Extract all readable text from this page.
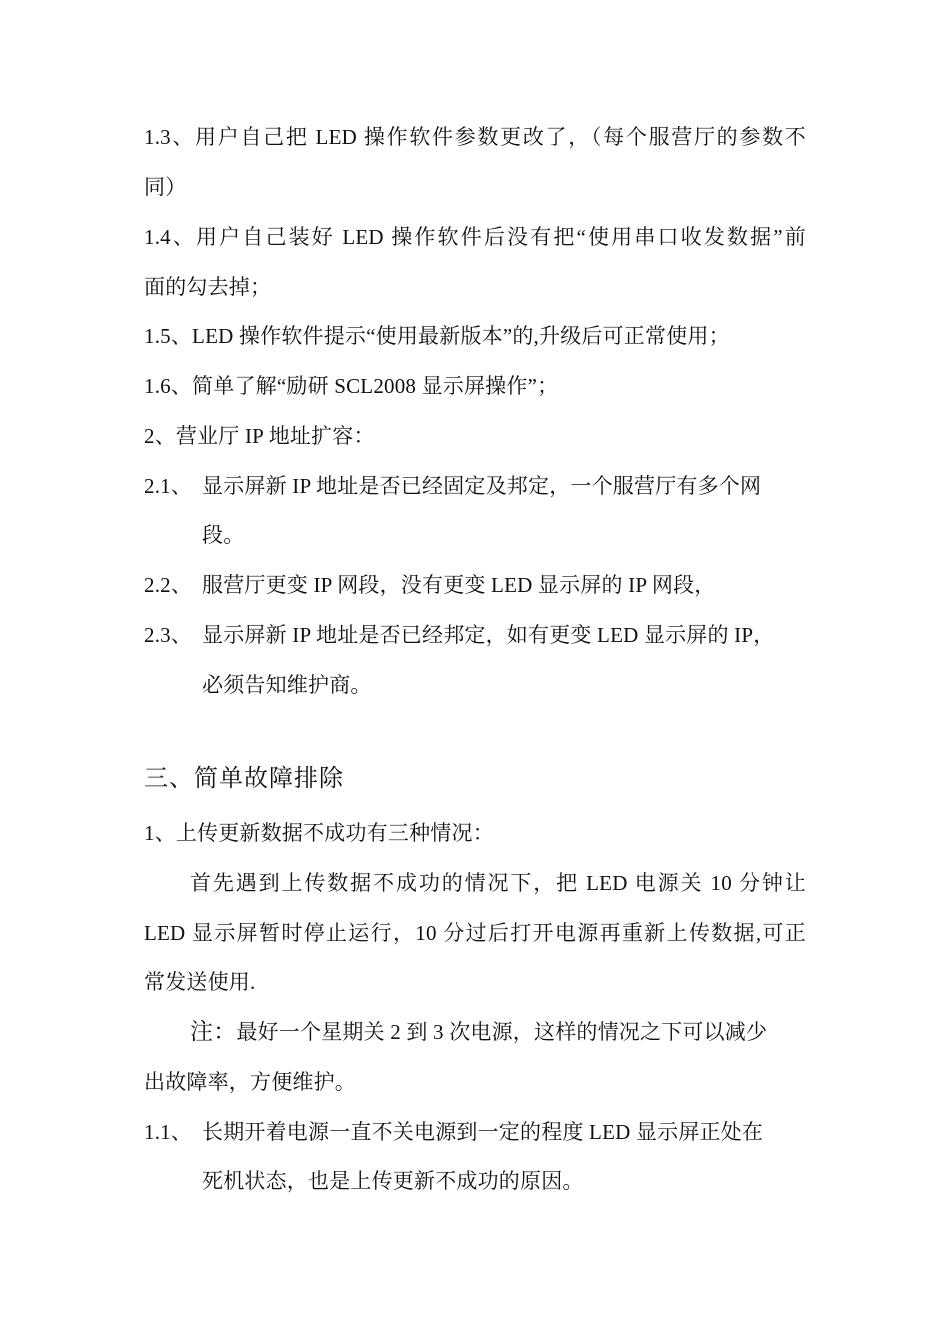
1.3、用户自己把 LED 操作软件参数更改了，（每个服营厅的参数不
同）
1.4、用户自己装好 LED 操作软件后没有把“使用串口收发数据”前
面的勾去掉；
1.5、LED 操作软件提示“使用最新版本”的,升级后可正常使用；
1.6、简单了解“励研 SCL2008 显示屏操作”；
2、营业厅 IP 地址扩容：
2.1、 显示屏新 IP 地址是否已经固定及邦定，一个服营厅有多个网
段。
2.2、 服营厅更变 IP 网段，没有更变 LED 显示屏的 IP 网段，
2.3、 显示屏新 IP 地址是否已经邦定，如有更变 LED 显示屏的 IP，
必须告知维护商。
三、简单故障排除
1、上传更新数据不成功有三种情况：
首先遇到上传数据不成功的情况下，把 LED 电源关 10 分钟让
LED 显示屏暂时停止运行，10 分过后打开电源再重新上传数据,可正
常发送使用.
注：最好一个星期关 2 到 3 次电源，这样的情况之下可以减少
出故障率，方便维护。
1.1、 长期开着电源一直不关电源到一定的程度 LED 显示屏正处在
死机状态，也是上传更新不成功的原因。
